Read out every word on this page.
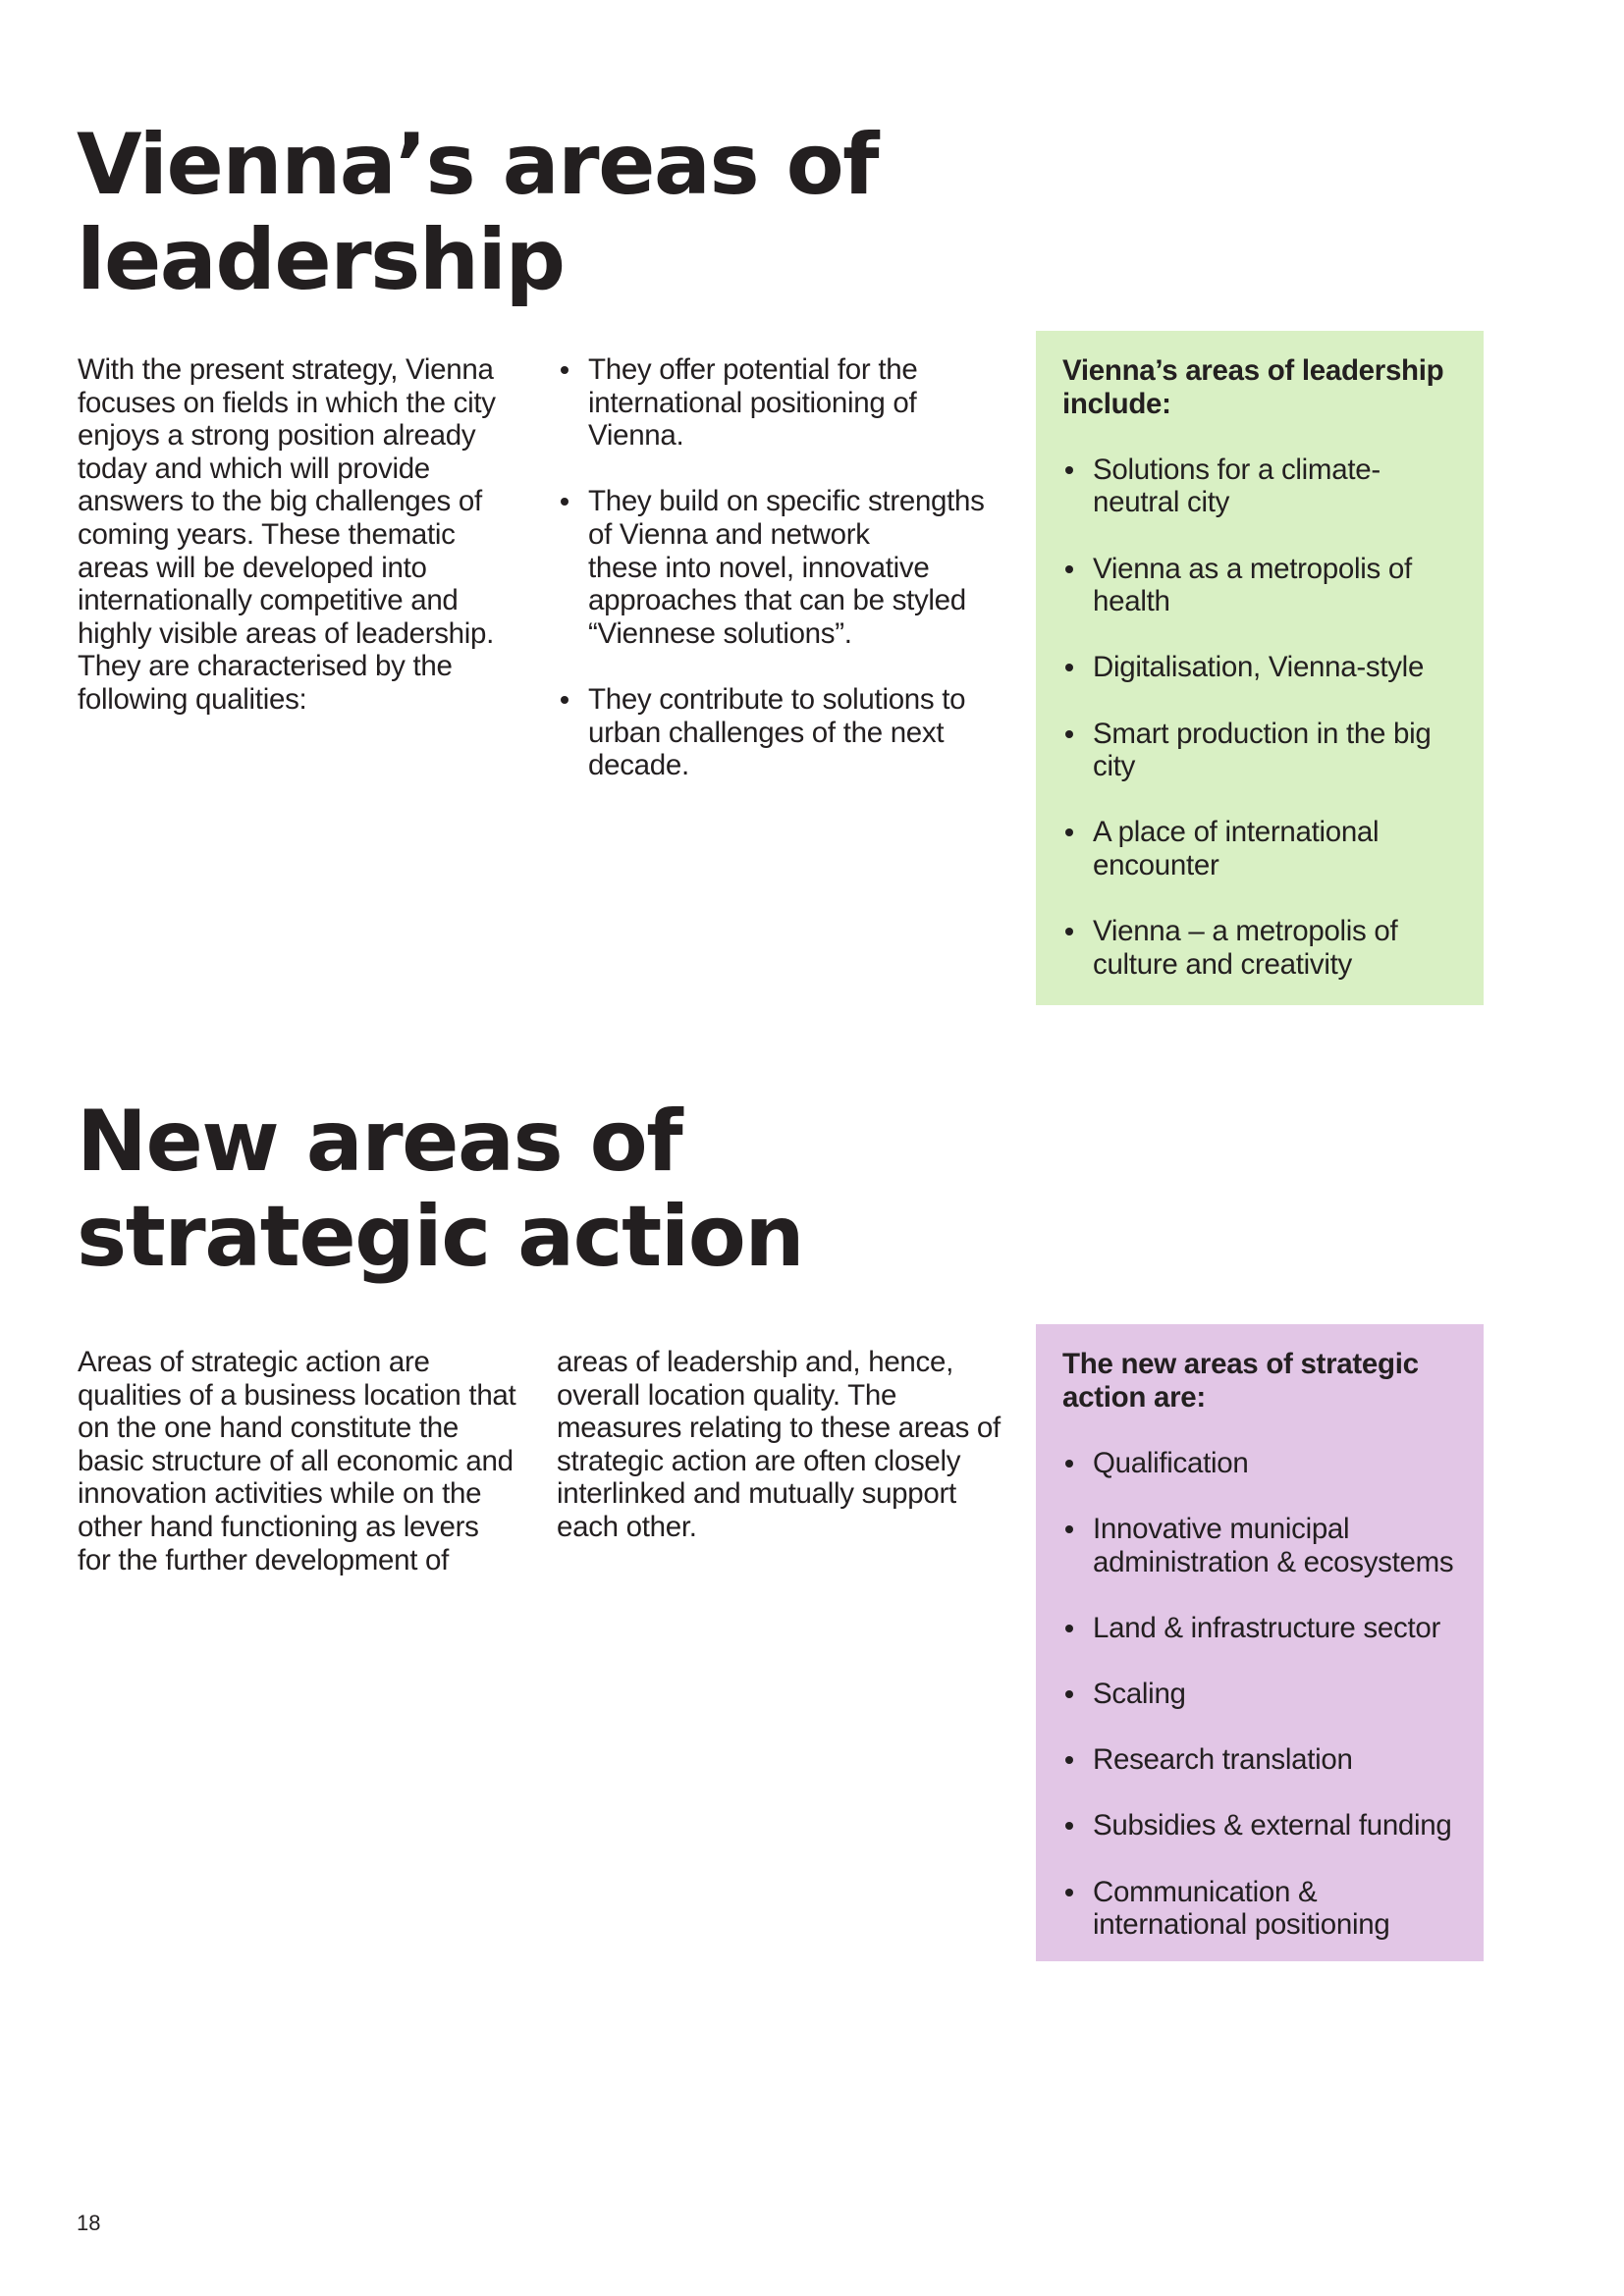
Vienna’s areas of
leadership

With the present strategy, Vienna
focuses on fields in which the city
enjoys a strong position already
today and which will provide
answers to the big challenges of
coming years. These thematic
areas will be developed into
internationally competitive and
highly visible areas of leadership.
They are characterised by the
following qualities:

They offer potential for the
international positioning of
Vienna.
They build on specific strengths
of Vienna and network
these into novel, innovative
approaches that can be styled
“Viennese solutions”.
They contribute to solutions to
urban challenges of the next
decade.

Vienna’s areas of leadership
include:

Solutions for a climate-
neutral city
Vienna as a metropolis of
health
Digitalisation, Vienna-style
Smart production in the big
city
A place of international
encounter
Vienna – a metropolis of
culture and creativity
New areas of
strategic action

Areas of strategic action are
qualities of a business location that
on the one hand constitute the
basic structure of all economic and
innovation activities while on the
other hand functioning as levers
for the further development of

areas of leadership and, hence,
overall location quality. The
measures relating to these areas of
strategic action are often closely
interlinked and mutually support
each other.

The new areas of strategic
action are:

Qualification
Innovative municipal
administration & ecosystems
Land & infrastructure sector
Scaling
Research translation
Subsidies & external funding
Communication &
international positioning
18
